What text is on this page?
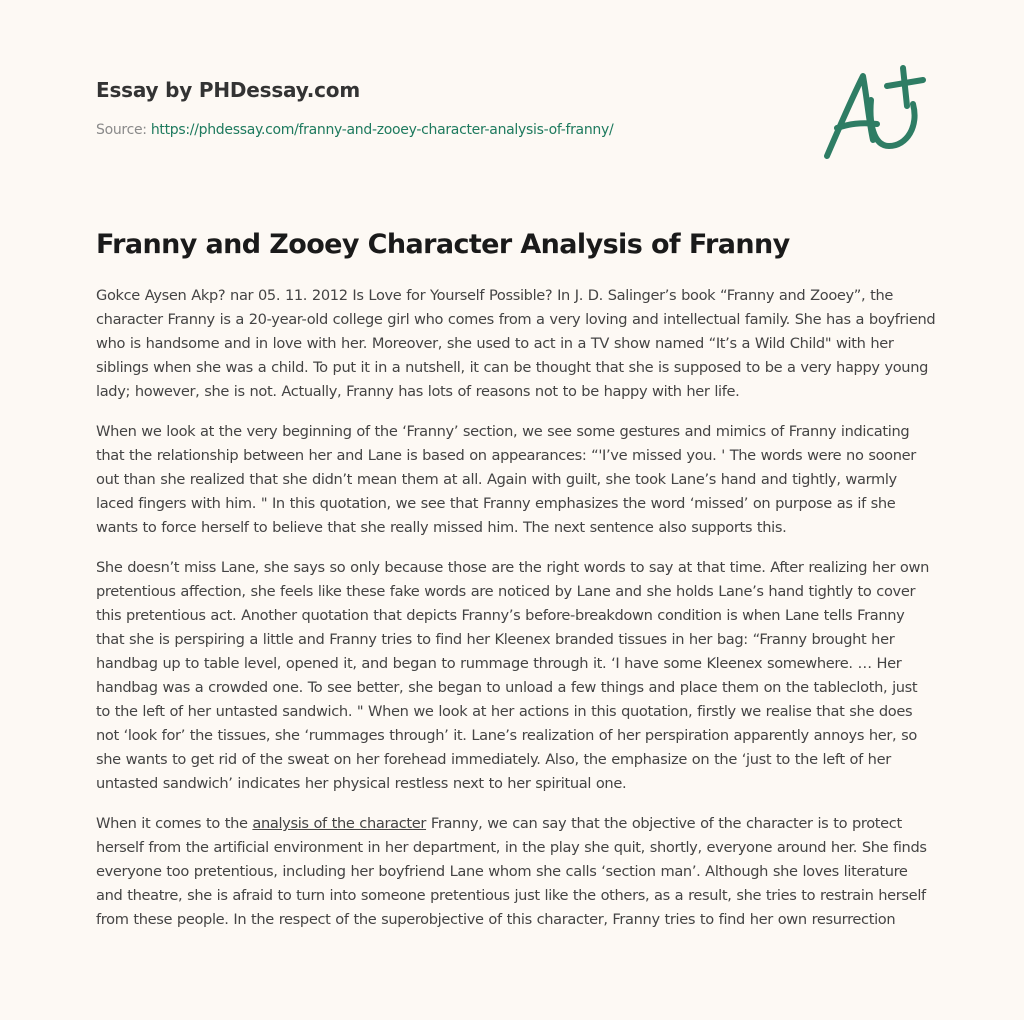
Essay by PHDessay.com
Source: https://phdessay.com/franny-and-zooey-character-analysis-of-franny/
Franny and Zooey Character Analysis of Franny

Gokce Aysen Akp? nar 05. 11. 2012 Is Love for Yourself Possible? In J. D. Salinger’s book “Franny and Zooey”, the character Franny is a 20-year-old college girl who comes from a very loving and intellectual family. She has a boyfriend who is handsome and in love with her. Moreover, she used to act in a TV show named “It’s a Wild Child" with her siblings when she was a child. To put it in a nutshell, it can be thought that she is supposed to be a very happy young lady; however, she is not. Actually, Franny has lots of reasons not to be happy with her life.

When we look at the very beginning of the ‘Franny’ section, we see some gestures and mimics of Franny indicating that the relationship between her and Lane is based on appearances: “'I’ve missed you. ' The words were no sooner out than she realized that she didn’t mean them at all. Again with guilt, she took Lane’s hand and tightly, warmly laced fingers with him. " In this quotation, we see that Franny emphasizes the word ‘missed’ on purpose as if she wants to force herself to believe that she really missed him. The next sentence also supports this.

She doesn’t miss Lane, she says so only because those are the right words to say at that time. After realizing her own pretentious affection, she feels like these fake words are noticed by Lane and she holds Lane’s hand tightly to cover this pretentious act. Another quotation that depicts Franny’s before-breakdown condition is when Lane tells Franny that she is perspiring a little and Franny tries to find her Kleenex branded tissues in her bag: “Franny brought her handbag up to table level, opened it, and began to rummage through it. ‘I have some Kleenex somewhere. … Her handbag was a crowded one. To see better, she began to unload a few things and place them on the tablecloth, just to the left of her untasted sandwich. " When we look at her actions in this quotation, firstly we realise that she does not ‘look for’ the tissues, she ‘rummages through’ it. Lane’s realization of her perspiration apparently annoys her, so she wants to get rid of the sweat on her forehead immediately. Also, the emphasize on the ‘just to the left of her untasted sandwich’ indicates her physical restless next to her spiritual one.

When it comes to the analysis of the character Franny, we can say that the objective of the character is to protect herself from the artificial environment in her department, in the play she quit, shortly, everyone around her. She finds everyone too pretentious, including her boyfriend Lane whom she calls ‘section man’. Although she loves literature and theatre, she is afraid to turn into someone pretentious just like the others, as a result, she tries to restrain herself from these people. In the respect of the superobjective of this character, Franny tries to find her own resurrection
